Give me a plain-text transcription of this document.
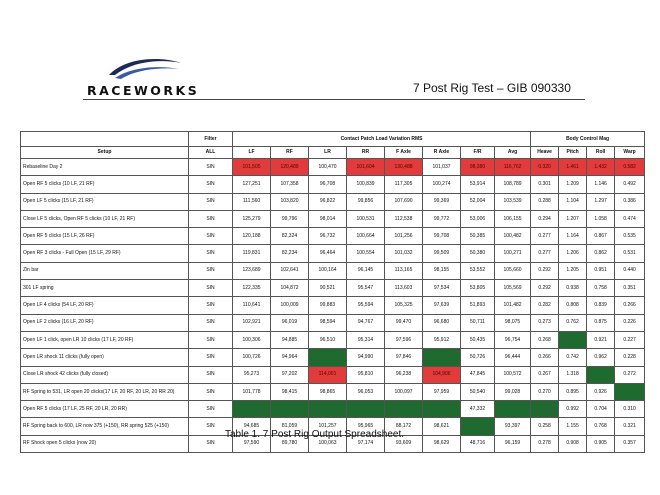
RACEWORKS	7 Post Rig Test – GIB 090330
	Filter	Contact Patch Load Variation RMS								Body Control Mag			
Setup	ALL	LF	RF	LR	RR	F Axle	R Axle	F/R	Avg	Heave	Pitch	Roll	Warp
Rebaseline Day 2	SIN	101,505	120,489	100,470	101,604	130,488	101,037	98,380	116,762	0.320	1.461	1.432	0.582
Open RF 5 clicks (10 LF, 21 RF)	SIN	127,251	107,358	96,708	100,839	117,305	100,274	53,914	108,789	0.301	1.209	1.146	0.492
Open LF 5 clicks (15 LF, 21 RF)	SIN	111,560	103,820	96,822	99,856	107,690	99,369	52,004	103,539	0.288	1.104	1.297	0.386
Close LF 5 clicks, Open RF 5 clicks (10 LF, 21 RF)	SIN	125,279	99,796	98,014	100,531	112,538	99,772	53,006	106,155	0.294	1.207	1.058	0.474
Open RF 5 clicks (15 LF, 26 RF)	SIN	120,188	82,324	96,732	100,664	101,256	99,708	50,385	100,482	0.277	1.164	0.867	0.535
Open RF 3 clicks - Full Open (15 LF, 29 RF)	SIN	119,831	82,234	96,464	100,554	101,032	99,509	50,380	100,271	0.277	1.206	0.862	0.531
Zin bar	SIN	123,689	102,641	100,164	96,145	113,165	98,155	53,552	105,660	0.292	1.205	0.951	0.440
301 LF spring	SIN	122,335	104,872	90,521	95,547	113,603	97,534	53,805	105,569	0.292	0.938	0.758	0.351
Open LF 4 clicks (54 LF, 20 RF)	SIN	110,641	100,009	99,883	95,594	105,325	97,639	51,893	101,482	0.282	0.808	0.839	0.266
Open LF 2 clicks (16 LF, 20 RF)	SIN	102,921	96,019	98,594	94,767	99,470	96,680	50,711	98,075	0.273	0.762	0.875	0.226
Open LF 1 click, open LR 10 clicks (17 LF, 20 RF)	SIN	100,306	94,885	96,510	95,314	97,596	95,912	50,435	96,754	0.268		0.921	0.227
Open LR shock 11 clicks (fully open)	SIN	100,726	94,964		94,990	97,846		50,726	96,444	0.266	0.742	0.962	0.228
Close LR shock 42 clicks (fully closed)	SIN	95,273	97,202	114,001	95,810	96,238	104,906	47,845	100,572	0.267	1.318		0.272
RF Spring to 531, LR open 20 clicks(17 LF, 20 RF, 20 LR, 20 RR 20)	SIN	101,778	98,415	98,865	96,053	100,097	97,959	50,540	99,028	0.270	0.895	0.926	
Open RF 5 clicks (17 LF, 25 RF, 20 LR, 20 RR)	SIN							47,332			0.992	0.704	0.310
RF Spring back to 600, LR now 375 (+150), RR spring 525 (+150)	SIN	94,685	81,059	101,257	95,965	88,172	98,621		93,397	0.258	1.155	0.768	0.321
RF Shock open 5 clicks (now 20)	SIN	97,590	89,780	100,063	97,174	93,609	98,629	48,716	96,159	0.278	0.908	0.905	0.357
Table 1. 7 Post Rig Output Spreadsheet.
